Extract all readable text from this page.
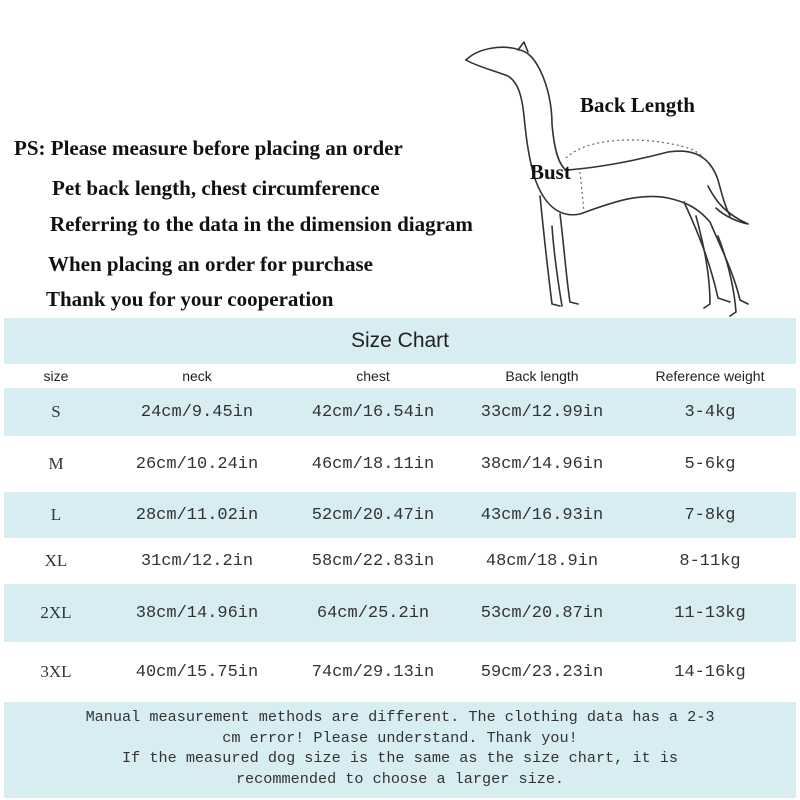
PS: Please measure before placing an order
Pet back length, chest circumference
Referring to the data in the dimension diagram
When placing an order for purchase
Thank you for your cooperation
Back Length
Bust
Size Chart
size	neck	chest	Back length	Reference weight
S	24cm/9.45in	42cm/16.54in	33cm/12.99in	3-4kg
M	26cm/10.24in	46cm/18.11in	38cm/14.96in	5-6kg
L	28cm/11.02in	52cm/20.47in	43cm/16.93in	7-8kg
XL	31cm/12.2in	58cm/22.83in	48cm/18.9in	8-11kg
2XL	38cm/14.96in	64cm/25.2in	53cm/20.87in	11-13kg
3XL	40cm/15.75in	74cm/29.13in	59cm/23.23in	14-16kg
Manual measurement methods are different. The clothing data has a 2-3
cm error! Please understand. Thank you!
If the measured dog size is the same as the size chart, it is
recommended to choose a larger size.
